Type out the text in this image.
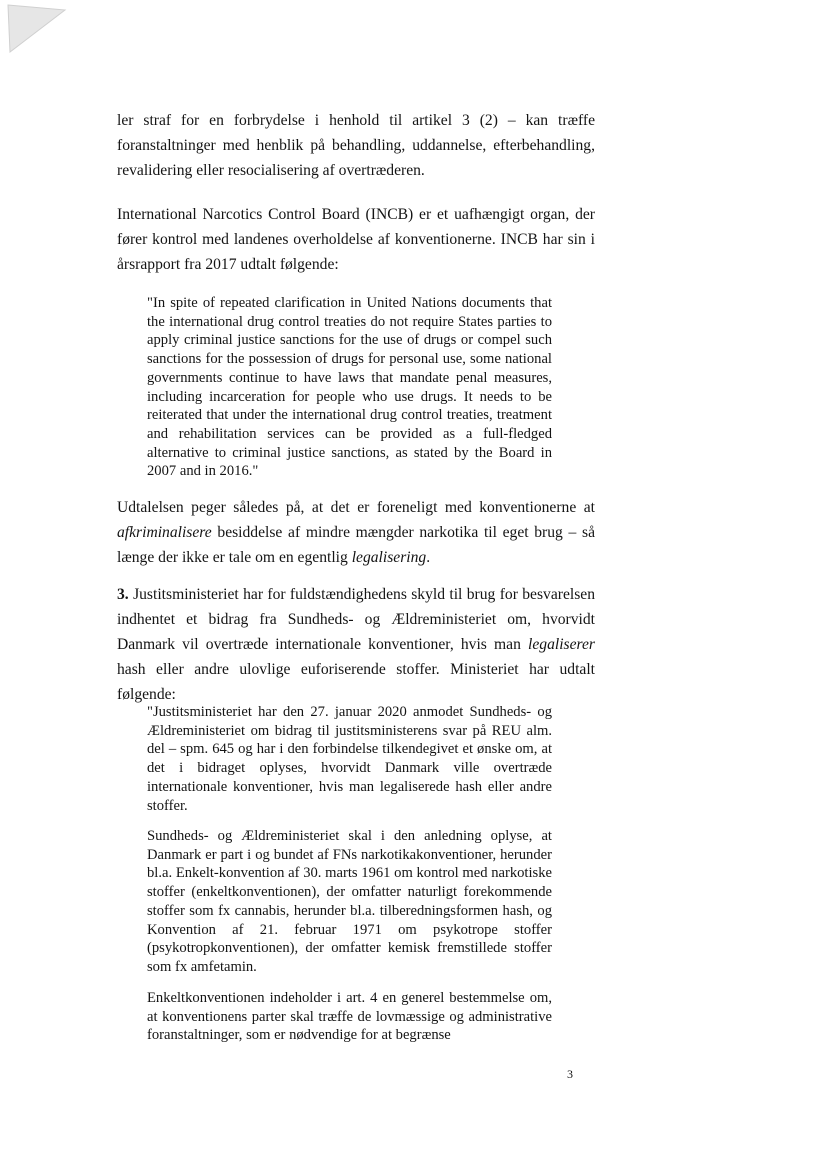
ler straf for en forbrydelse i henhold til artikel 3 (2) – kan træffe foranstaltninger med henblik på behandling, uddannelse, efterbehandling, revalidering eller resocialisering af overtræderen.

International Narcotics Control Board (INCB) er et uafhængigt organ, der fører kontrol med landenes overholdelse af konventionerne. INCB har sin i årsrapport fra 2017 udtalt følgende:

"In spite of repeated clarification in United Nations documents that the international drug control treaties do not require States parties to apply criminal justice sanctions for the use of drugs or compel such sanctions for the possession of drugs for personal use, some national governments continue to have laws that mandate penal measures, including incarceration for people who use drugs. It needs to be reiterated that under the international drug control treaties, treatment and rehabilitation services can be provided as a full-fledged alternative to criminal justice sanctions, as stated by the Board in 2007 and in 2016."

Udtalelsen peger således på, at det er foreneligt med konventionerne at afkriminalisere besiddelse af mindre mængder narkotika til eget brug – så længe der ikke er tale om en egentlig legalisering.

3. Justitsministeriet har for fuldstændighedens skyld til brug for besvarelsen indhentet et bidrag fra Sundheds- og Ældreministeriet om, hvorvidt Danmark vil overtræde internationale konventioner, hvis man legaliserer hash eller andre ulovlige euforiserende stoffer. Ministeriet har udtalt følgende:

"Justitsministeriet har den 27. januar 2020 anmodet Sundheds- og Ældreministeriet om bidrag til justitsministerens svar på REU alm. del – spm. 645 og har i den forbindelse tilkendegivet et ønske om, at det i bidraget oplyses, hvorvidt Danmark ville overtræde internationale konventioner, hvis man legaliserede hash eller andre stoffer.

Sundheds- og Ældreministeriet skal i den anledning oplyse, at Danmark er part i og bundet af FNs narkotikakonventioner, herunder bl.a. Enkelt-konvention af 30. marts 1961 om kontrol med narkotiske stoffer (enkeltkonventionen), der omfatter naturligt forekommende stoffer som fx cannabis, herunder bl.a. tilberedningsformen hash, og Konvention af 21. februar 1971 om psykotrope stoffer (psykotropkonventionen), der omfatter kemisk fremstillede stoffer som fx amfetamin.

Enkeltkonventionen indeholder i art. 4 en generel bestemmelse om, at konventionens parter skal træffe de lovmæssige og administrative foranstaltninger, som er nødvendige for at begrænse

3
